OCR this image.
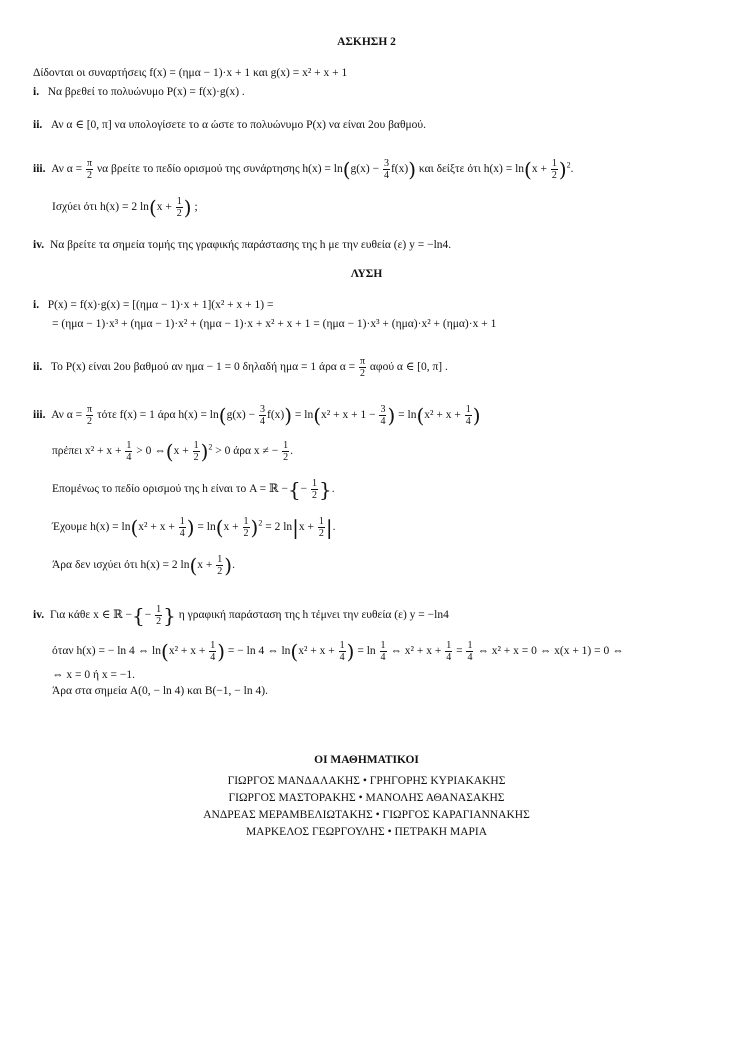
ΑΣΚΗΣΗ 2
Δίδονται οι συναρτήσεις f(x) = (ημα − 1)·x + 1 και g(x) = x² + x + 1
i. Να βρεθεί το πολυώνυμο P(x) = f(x)·g(x) .
ii. Αν α ∈ [0, π] να υπολογίσετε το α ώστε το πολυώνυμο P(x) να είναι 2ου βαθμού.
iii. Αν $\alpha = \frac{\pi}{2}$ να βρείτε το πεδίο ορισμού της συνάρτησης $h(x) = \ln(g(x) - \frac{3}{4} f(x))$ και δείξτε ότι $h(x) = \ln(x + \frac{1}{2} )^2$.
Ισχύει ότι h(x) = 2 $\ln(x + \frac{1}{2}$ ) ;
iv. Να βρείτε τα σημεία τομής της γραφικής παράστασης της h με την ευθεία (ε) y = −ln4.
ΛΥΣΗ
i. P(x) = f(x)·g(x) = [(ημα − 1)·x + 1](x² + x + 1) =
= (ημα − 1)·x³ + (ημα − 1)·x² + (ημα − 1)·x + x² + x + 1 = (ημα − 1)·x³ + (ημα)·x² + (ημα)·x + 1
ii. Το P(x) είναι 2ου βαθμού αν ημα − 1 = 0 δηλαδή ημα = 1 άρα $\alpha = \frac{\pi}{2}$ αφού α ∈ [0, π] .
iii. Αν $\alpha = \frac{\pi}{2}$ τότε f(x) = 1 άρα $h(x) = \ln(g(x) - \frac{3}{4} f(x)) = \ln(x^2 + x + 1 - \frac{3}{4}$ ) = $\ln(x^2 + x + \frac{1}{4}$ )
πρέπει $x^2 + x + \frac{1}{4} > 0$ ⇔(x + $\frac{1}{2} )^2 > 0$ άρα x ≠ − $\frac{1}{2}$ .
Επομένως το πεδίο ορισμού της h είναι το A = ℝ −{− $\frac{1}{2}$ }.
Έχουμε $h(x) = \ln(x^2 + x + \frac{1}{4}$ ) = $\ln(x + \frac{1}{2} )^2 = 2$ $\ln|x + \frac{1}{2}$ |.
Άρα δεν ισχύει ότι h(x) = 2 $\ln(x + \frac{1}{2}$ ).
iv. Για κάθε x ∈ ℝ −{− $\frac{1}{2}$ } η γραφική παράσταση της h τέμνει την ευθεία (ε) y = −ln4
όταν h(x) = − ln 4 ⇔ $\ln(x^2 + x + \frac{1}{4}$ ) = − ln 4 ⇔ $\ln(x^2 + x + \frac{1}{4}$ ) = $\ln \frac{1}{4}$ ⇔ $x^2 + x + \frac{1}{4} = \frac{1}{4}$ ⇔ x² + x = 0 ⇔ x(x + 1) = 0 ⇔
⇔ x = 0 ή x = −1.
Άρα στα σημεία A(0, − ln 4) και B(−1, − ln 4).
ΟΙ ΜΑΘΗΜΑΤΙΚΟΙ
ΓΙΩΡΓΟΣ ΜΑΝΔΑΛΑΚΗΣ • ΓΡΗΓΟΡΗΣ ΚΥΡΙΑΚΑΚΗΣ
ΓΙΩΡΓΟΣ ΜΑΣΤΟΡΑΚΗΣ • ΜΑΝΟΛΗΣ ΑΘΑΝΑΣΑΚΗΣ
ΑΝΔΡΕΑΣ ΜΕΡΑΜΒΕΛΙΩΤΑΚΗΣ • ΓΙΩΡΓΟΣ ΚΑΡΑΓΙΑΝΝΑΚΗΣ
ΜΑΡΚΕΛΟΣ ΓΕΩΡΓΟΥΛΗΣ • ΠΕΤΡΑΚΗ ΜΑΡΙΑ
